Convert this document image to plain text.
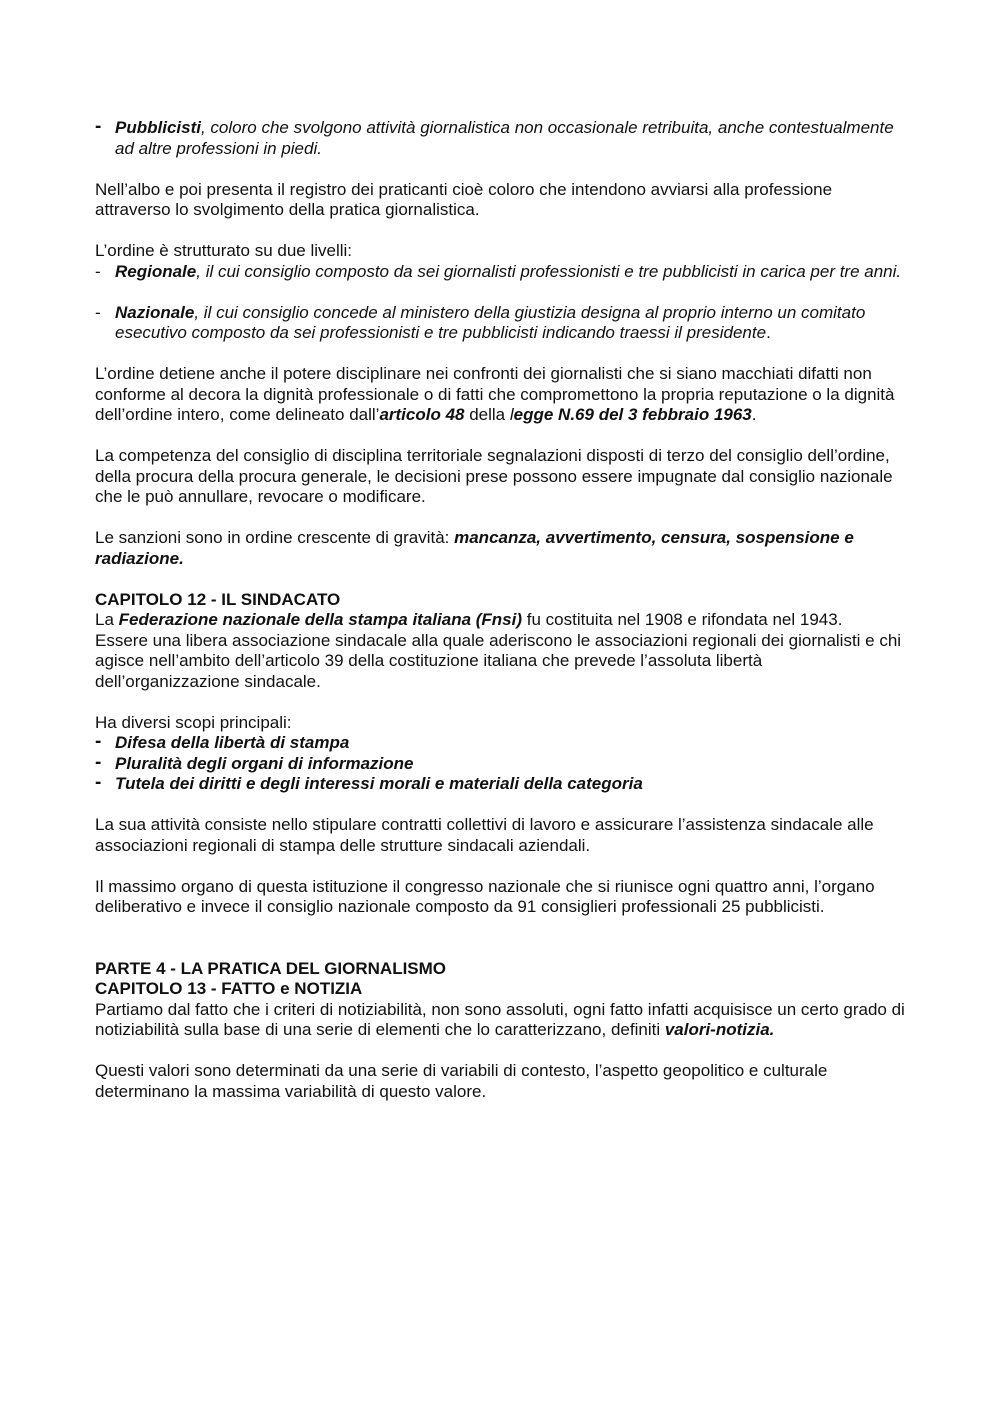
- Pubblicisti, coloro che svolgono attività giornalistica non occasionale retribuita, anche contestualmente ad altre professioni in piedi.

Nell’albo e poi presenta il registro dei praticanti cioè coloro che intendono avviarsi alla professione attraverso lo svolgimento della pratica giornalistica.

L’ordine è strutturato su due livelli:

- Regionale, il cui consiglio composto da sei giornalisti professionisti e tre pubblicisti in carica per tre anni.
- Nazionale, il cui consiglio concede al ministero della giustizia designa al proprio interno un comitato esecutivo composto da sei professionisti e tre pubblicisti indicando traessi il presidente.

L’ordine detiene anche il potere disciplinare nei confronti dei giornalisti che si siano macchiati difatti non conforme al decora la dignità professionale o di fatti che compromettono la propria reputazione o la dignità dell’ordine intero, come delineato dall’articolo 48 della legge N.69 del 3 febbraio 1963.

La competenza del consiglio di disciplina territoriale segnalazioni disposti di terzo del consiglio dell’ordine, della procura della procura generale, le decisioni prese possono essere impugnate dal consiglio nazionale che le può annullare, revocare o modificare.

Le sanzioni sono in ordine crescente di gravità: mancanza, avvertimento, censura, sospensione e radiazione.

CAPITOLO 12 - IL SINDACATO

La Federazione nazionale della stampa italiana (Fnsi) fu costituita nel 1908 e rifondata nel 1943.

Essere una libera associazione sindacale alla quale aderiscono le associazioni regionali dei giornalisti e chi agisce nell’ambito dell’articolo 39 della costituzione italiana che prevede l’assoluta libertà dell’organizzazione sindacale.

Ha diversi scopi principali:

- Difesa della libertà di stampa
- Pluralità degli organi di informazione
- Tutela dei diritti e degli interessi morali e materiali della categoria

La sua attività consiste nello stipulare contratti collettivi di lavoro e assicurare l’assistenza sindacale alle associazioni regionali di stampa delle strutture sindacali aziendali.

Il massimo organo di questa istituzione il congresso nazionale che si riunisce ogni quattro anni, l’organo deliberativo e invece il consiglio nazionale composto da 91 consiglieri professionali 25 pubblicisti.

PARTE 4 - LA PRATICA DEL GIORNALISMO

CAPITOLO 13 - FATTO e NOTIZIA

Partiamo dal fatto che i criteri di notiziabilità, non sono assoluti, ogni fatto infatti acquisisce un certo grado di notiziabilità sulla base di una serie di elementi che lo caratterizzano, definiti valori-notizia.

Questi valori sono determinati da una serie di variabili di contesto, l’aspetto geopolitico e culturale determinano la massima variabilità di questo valore.
